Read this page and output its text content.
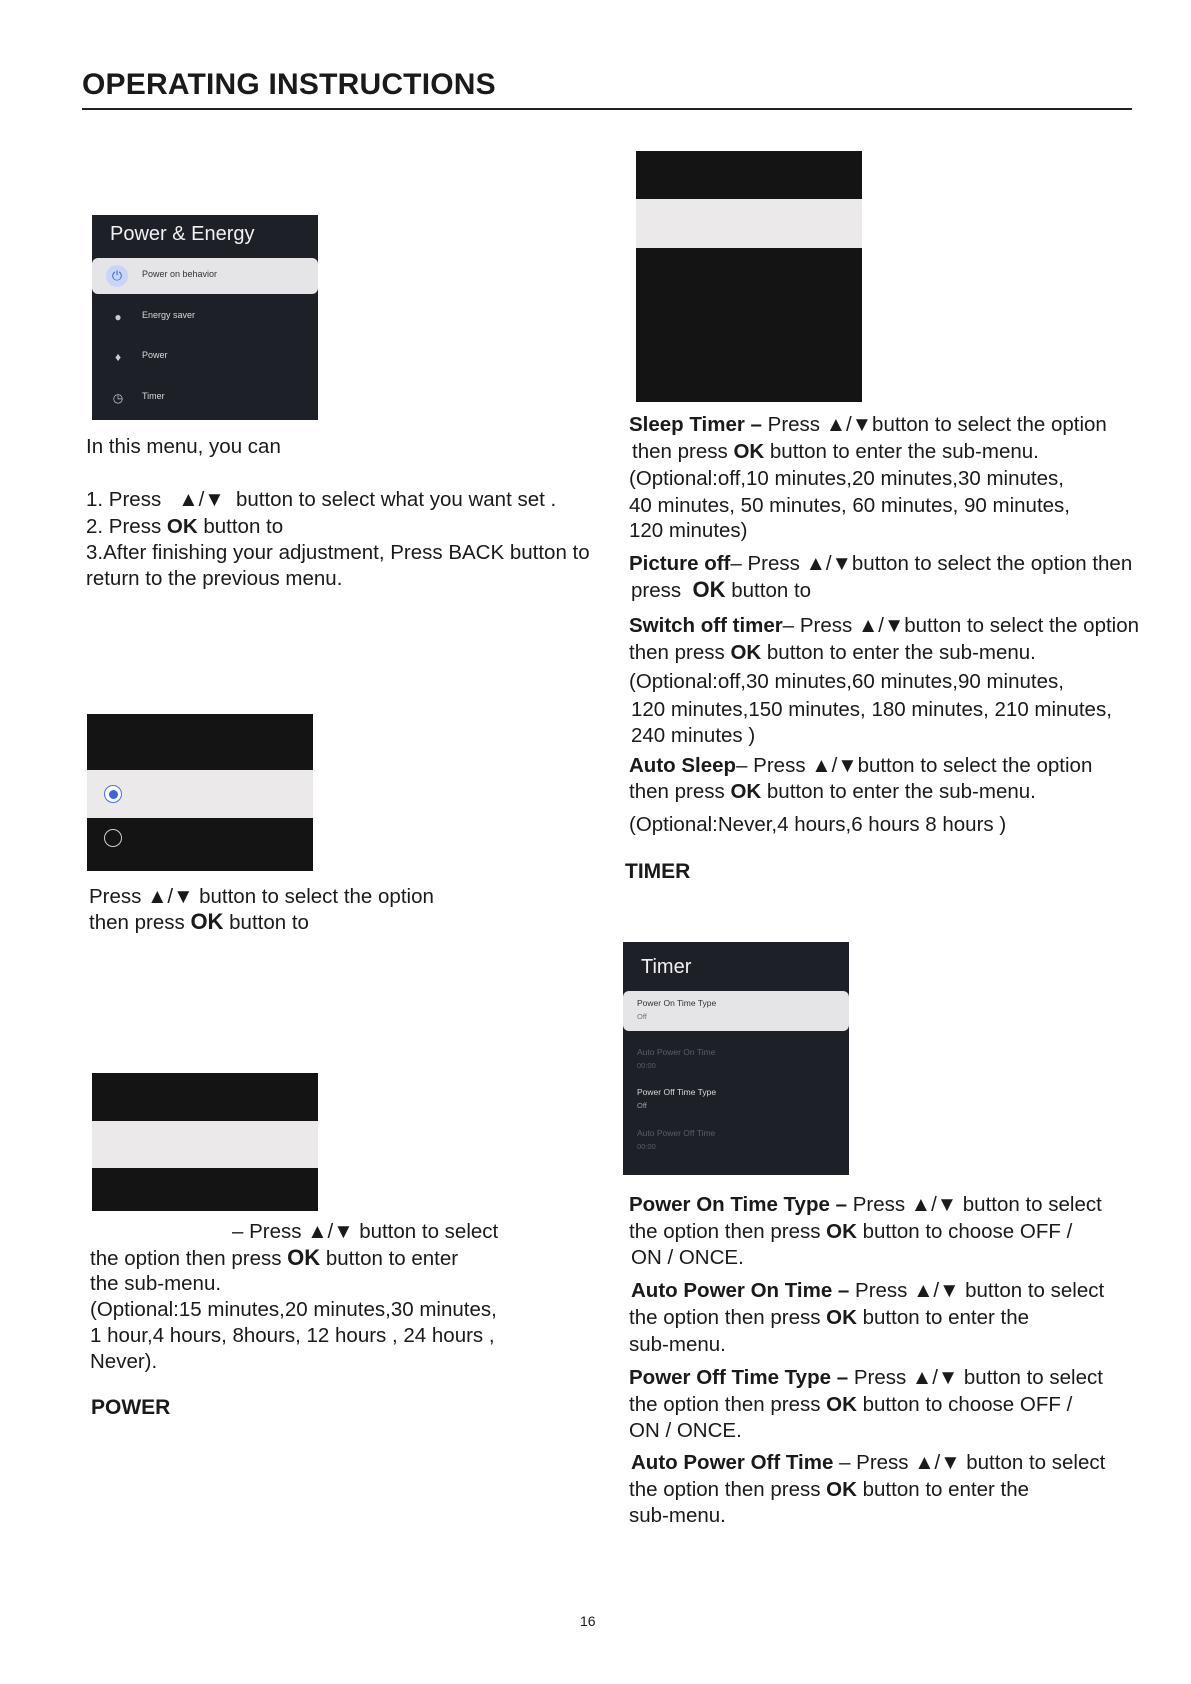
OPERATING INSTRUCTIONS
Power & Energy
⏻	Power on behavior
●	Energy saver
♦	Power
◷	Timer
In this menu, you can
1. Press ▲/▼ button to select what you want set .
2. Press OK button to
3.After finishing your adjustment, Press BACK button to return to the previous menu.
Press ▲/▼ button to select the option
then press OK button to
– Press ▲/▼ button to select
the option then press OK button to enter
the sub-menu.
(Optional:15 minutes,20 minutes,30 minutes,
1 hour,4 hours, 8hours, 12 hours , 24 hours ,
Never).
POWER
Sleep Timer – Press ▲/▼button to select the option
then press OK button to enter the sub-menu.
(Optional:off,10 minutes,20 minutes,30 minutes,
40 minutes, 50 minutes, 60 minutes, 90 minutes,
120 minutes)
Picture off– Press ▲/▼button to select the option then
press OK button to
Switch off timer– Press ▲/▼button to select the option
then press OK button to enter the sub-menu.
(Optional:off,30 minutes,60 minutes,90 minutes,
120 minutes,150 minutes, 180 minutes, 210 minutes,
240 minutes )
Auto Sleep– Press ▲/▼button to select the option
then press OK button to enter the sub-menu.
(Optional:Never,4 hours,6 hours 8 hours )
TIMER
Timer
Power On Time Type
Off
Auto Power On Time
00:00
Power Off Time Type
Off
Auto Power Off Time
00:00
Power On Time Type – Press ▲/▼ button to select
the option then press OK button to choose OFF /
ON / ONCE.
Auto Power On Time – Press ▲/▼ button to select
the option then press OK button to enter the
sub-menu.
Power Off Time Type – Press ▲/▼ button to select
the option then press OK button to choose OFF /
ON / ONCE.
Auto Power Off Time – Press ▲/▼ button to select
the option then press OK button to enter the
sub-menu.
16
